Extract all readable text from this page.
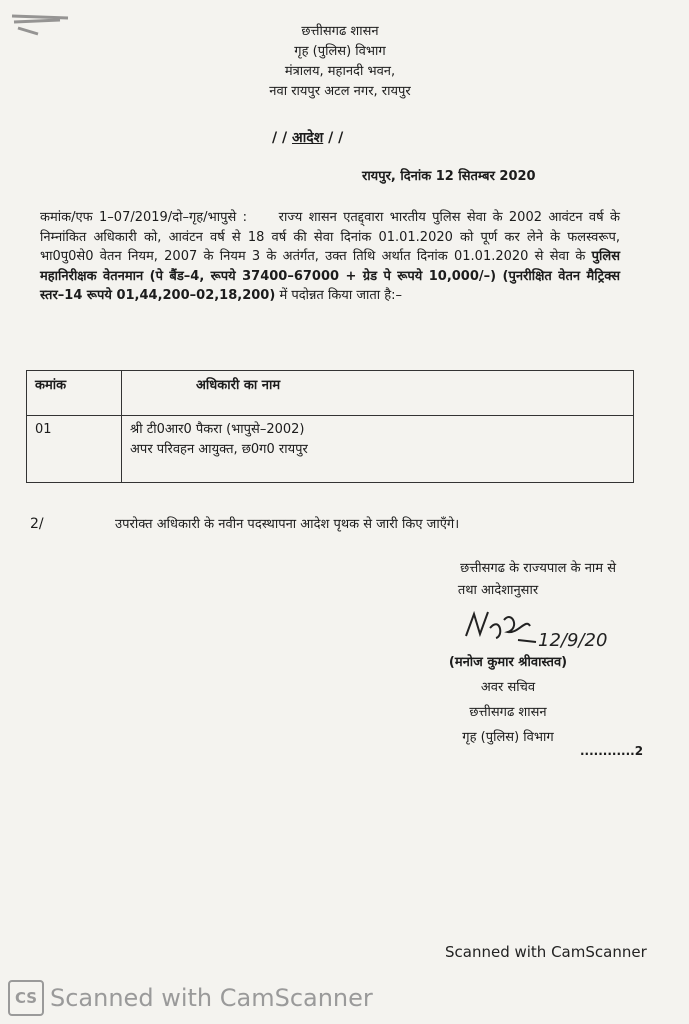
छत्तीसगढ शासन
गृह (पुलिस) विभाग
मंत्रालय, महानदी भवन,
नवा रायपुर अटल नगर, रायपुर
/ / आदेश / /
रायपुर, दिनांक 12 सितम्बर 2020
कमांक/एफ 1–07/2019/दो–गृह/भापुसे : राज्य शासन एतद्द्वारा भारतीय पुलिस सेवा के 2002 आवंटन वर्ष के निम्नांकित अधिकारी को, आवंटन वर्ष से 18 वर्ष की सेवा दिनांक 01.01.2020 को पूर्ण कर लेने के फलस्वरूप, भा0पु0से0 वेतन नियम, 2007 के नियम 3 के अतंर्गत, उक्त तिथि अर्थात दिनांक 01.01.2020 से सेवा के पुलिस महानिरीक्षक वेतनमान (पे बैंड–4, रूपये 37400–67000 + ग्रेड पे रूपये 10,000/–) (पुनरीक्षित वेतन मैट्रिक्स स्तर–14 रूपये 01,44,200–02,18,200) में पदोन्नत किया जाता है:–
कमांक	अधिकारी का नाम
01	श्री टी0आर0 पैकरा (भापुसे–2002)
अपर परिवहन आयुक्त, छ0ग0 रायपुर
2/	उपरोक्त अधिकारी के नवीन पदस्थापना आदेश पृथक से जारी किए जाएँगे।
छत्तीसगढ के राज्यपाल के नाम से
तथा आदेशानुसार
12/9/20
(मनोज कुमार श्रीवास्तव)
अवर सचिव
छत्तीसगढ शासन
गृह (पुलिस) विभाग
............2
Scanned with CamScanner
CS Scanned with CamScanner
